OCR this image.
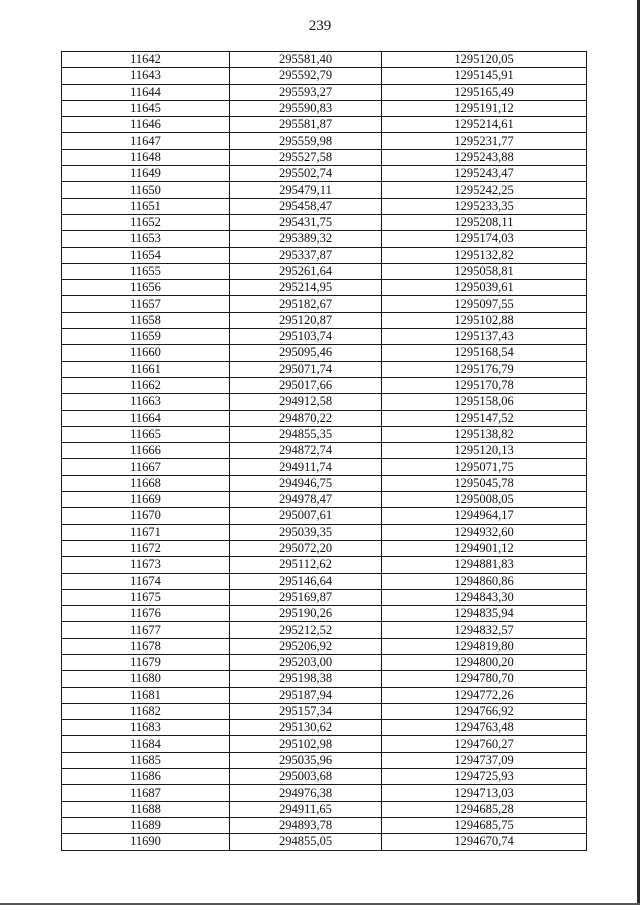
239
11642	295581,40	1295120,05
11643	295592,79	1295145,91
11644	295593,27	1295165,49
11645	295590,83	1295191,12
11646	295581,87	1295214,61
11647	295559,98	1295231,77
11648	295527,58	1295243,88
11649	295502,74	1295243,47
11650	295479,11	1295242,25
11651	295458,47	1295233,35
11652	295431,75	1295208,11
11653	295389,32	1295174,03
11654	295337,87	1295132,82
11655	295261,64	1295058,81
11656	295214,95	1295039,61
11657	295182,67	1295097,55
11658	295120,87	1295102,88
11659	295103,74	1295137,43
11660	295095,46	1295168,54
11661	295071,74	1295176,79
11662	295017,66	1295170,78
11663	294912,58	1295158,06
11664	294870,22	1295147,52
11665	294855,35	1295138,82
11666	294872,74	1295120,13
11667	294911,74	1295071,75
11668	294946,75	1295045,78
11669	294978,47	1295008,05
11670	295007,61	1294964,17
11671	295039,35	1294932,60
11672	295072,20	1294901,12
11673	295112,62	1294881,83
11674	295146,64	1294860,86
11675	295169,87	1294843,30
11676	295190,26	1294835,94
11677	295212,52	1294832,57
11678	295206,92	1294819,80
11679	295203,00	1294800,20
11680	295198,38	1294780,70
11681	295187,94	1294772,26
11682	295157,34	1294766,92
11683	295130,62	1294763,48
11684	295102,98	1294760,27
11685	295035,96	1294737,09
11686	295003,68	1294725,93
11687	294976,38	1294713,03
11688	294911,65	1294685,28
11689	294893,78	1294685,75
11690	294855,05	1294670,74
